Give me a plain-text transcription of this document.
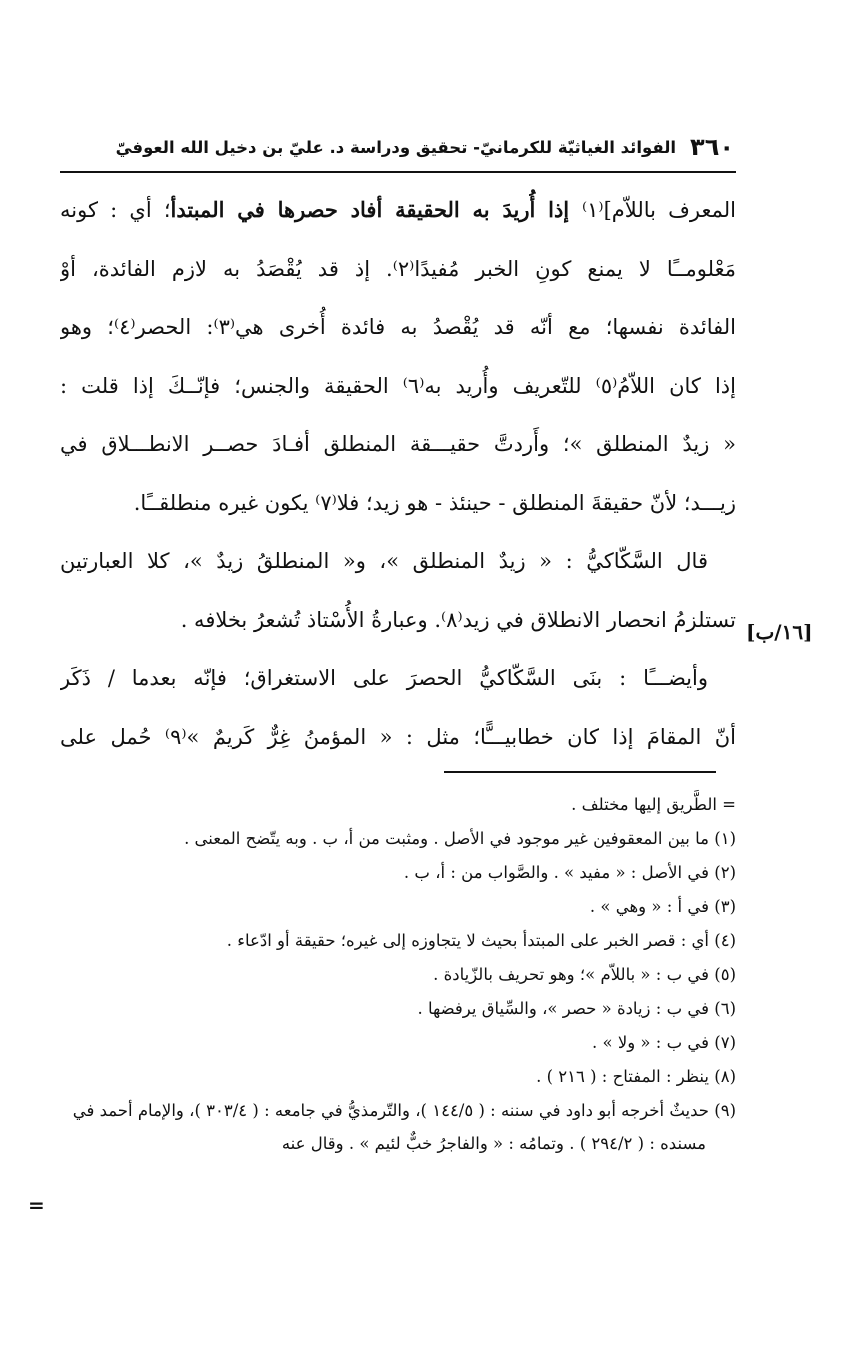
٣٦٠
الفوائد الغياثيّة للكرمانيّ- تحقيق ودراسة د. عليّ بن دخيل الله العوفيّ
المعرف باللاّم]⁽١⁾ إذا أُريدَ به الحقيقة أفاد حصرها في المبتدأ؛ أي : كونه
مَعْلومــًا لا يمنع كونِ الخبر مُفيدًا⁽٢⁾. إذ قد يُقْصَدُ به لازم الفائدة، أوْ
الفائدة نفسها؛ مع أنّه قد يُقْصدُ به فائدة أُخرى هي⁽٣⁾: الحصر⁽٤⁾؛ وهو
إذا كان اللاّمُ⁽٥⁾ للتّعريف وأُريد به⁽٦⁾ الحقيقة والجنس؛ فإنّــكَ إذا قلت :
« زيدٌ المنطلق »؛ وأَردتَّ حقيـــقة المنطلق أفـادَ حصــر الانطـــلاق في
زيـــد؛ لأنّ حقيقةَ المنطلق - حينئذ - هو زيد؛ فلا⁽٧⁾ يكون غيره منطلقــًا.
قال السَّكّاكيُّ : « زيدٌ المنطلق »، و« المنطلقُ زيدٌ »، كلا العبارتين
تستلزمُ انحصار الانطلاق في زيد⁽٨⁾. وعبارةُ الأُسْتاذ تُشعرُ بخلافه .
وأيضـــًا : بنَى السَّكّاكيُّ الحصرَ على الاستغراق؛ فإنّه بعدما / ذَكَر
أنّ المقامَ إذا كان خطابيـــًّا؛ مثل : « المؤمنُ غِرٌّ كَريمٌ »⁽٩⁾ حُمل على
[١٦/ب]
= الطَّريق إليها مختلف .
(١) ما بين المعقوفين غير موجود في الأصل . ومثبت من أ، ب . وبه يتّضح المعنى .
(٢) في الأصل : « مفيد » . والصَّواب من : أ، ب .
(٣) في أ : « وهي » .
(٤) أي : قصر الخبر على المبتدأ بحيث لا يتجاوزه إلى غيره؛ حقيقة أو ادّعاء .
(٥) في ب : « باللاّم »؛ وهو تحريف بالزّيادة .
(٦) في ب : زيادة « حصر »، والسِّياق يرفضها .
(٧) في ب : « ولا » .
(٨) ينظر : المفتاح : ( ٢١٦ ) .
(٩) حديثٌ أخرجه أبو داود في سننه : ( ١٤٤/٥ )، والتّرمذيُّ في جامعه : ( ٣٠٣/٤ )، والإمام أحمد في مسنده : ( ٢٩٤/٢ ) . وتمامُه : « والفاجرُ خبٌّ لئيم » . وقال عنه
=
